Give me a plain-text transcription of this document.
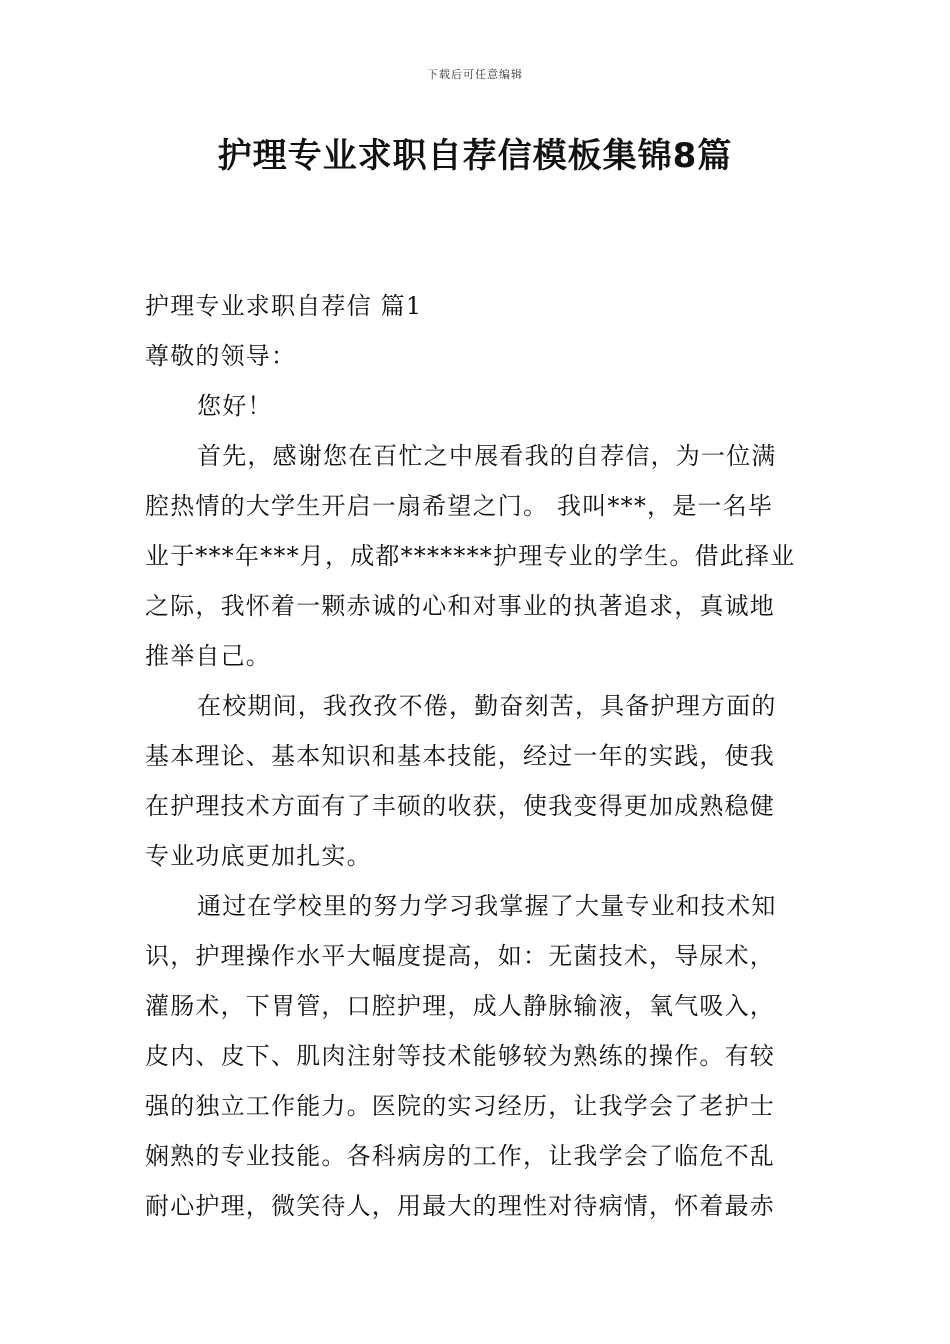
下载后可任意编辑
护理专业求职自荐信模板集锦8篇
护理专业求职自荐信 篇1
尊敬的领导：
您好！
首先，感谢您在百忙之中展看我的自荐信，为一位满
腔热情的大学生开启一扇希望之门。 我叫***，是一名毕
业于***年***月，成都*******护理专业的学生。借此择业
之际，我怀着一颗赤诚的心和对事业的执著追求，真诚地
推举自己。
在校期间，我孜孜不倦，勤奋刻苦，具备护理方面的
基本理论、基本知识和基本技能，经过一年的实践，使我
在护理技术方面有了丰硕的收获，使我变得更加成熟稳健
专业功底更加扎实。
通过在学校里的努力学习我掌握了大量专业和技术知
识，护理操作水平大幅度提高，如：无菌技术，导尿术，
灌肠术，下胃管，口腔护理，成人静脉输液，氧气吸入，
皮内、皮下、肌肉注射等技术能够较为熟练的操作。有较
强的独立工作能力。医院的实习经历，让我学会了老护士
娴熟的专业技能。各科病房的工作，让我学会了临危不乱
耐心护理，微笑待人，用最大的理性对待病情，怀着最赤
